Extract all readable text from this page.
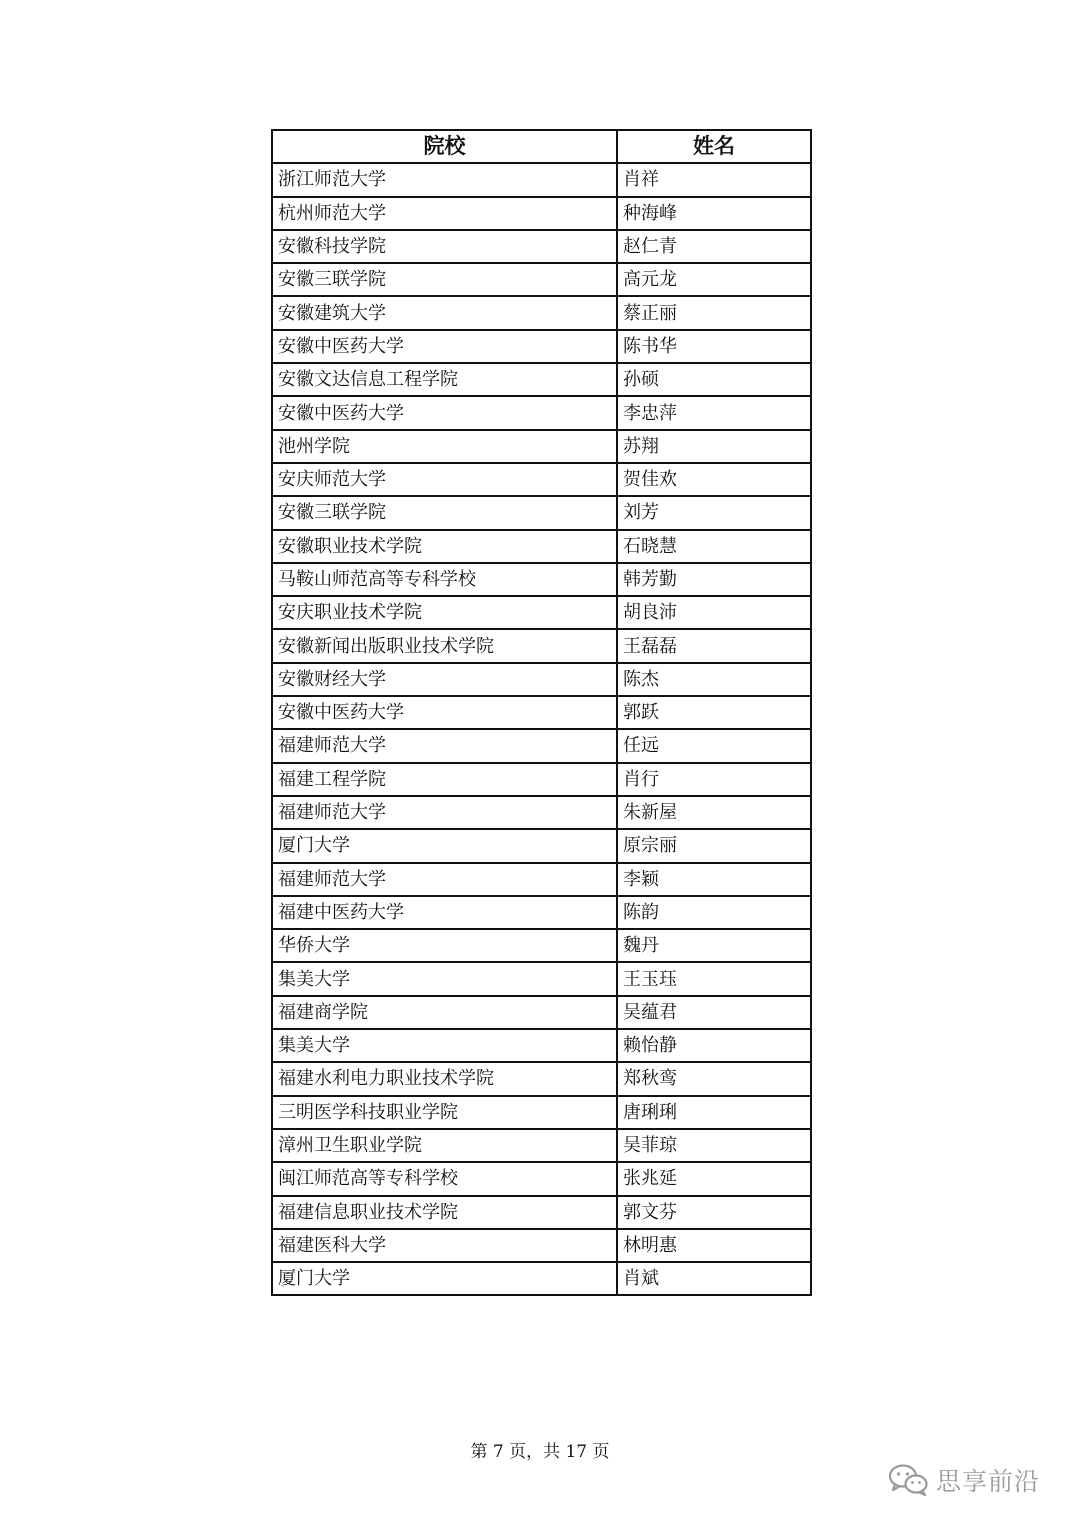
院校	姓名
浙江师范大学	肖祥
杭州师范大学	种海峰
安徽科技学院	赵仁青
安徽三联学院	高元龙
安徽建筑大学	蔡正丽
安徽中医药大学	陈书华
安徽文达信息工程学院	孙硕
安徽中医药大学	李忠萍
池州学院	苏翔
安庆师范大学	贺佳欢
安徽三联学院	刘芳
安徽职业技术学院	石晓慧
马鞍山师范高等专科学校	韩芳勤
安庆职业技术学院	胡良沛
安徽新闻出版职业技术学院	王磊磊
安徽财经大学	陈杰
安徽中医药大学	郭跃
福建师范大学	任远
福建工程学院	肖行
福建师范大学	朱新屋
厦门大学	原宗丽
福建师范大学	李颖
福建中医药大学	陈韵
华侨大学	魏丹
集美大学	王玉珏
福建商学院	吴蕴君
集美大学	赖怡静
福建水利电力职业技术学院	郑秋鸾
三明医学科技职业学院	唐琍琍
漳州卫生职业学院	吴菲琼
闽江师范高等专科学校	张兆延
福建信息职业技术学院	郭文芬
福建医科大学	林明惠
厦门大学	肖斌
第 7 页，共 17 页
思享前沿
